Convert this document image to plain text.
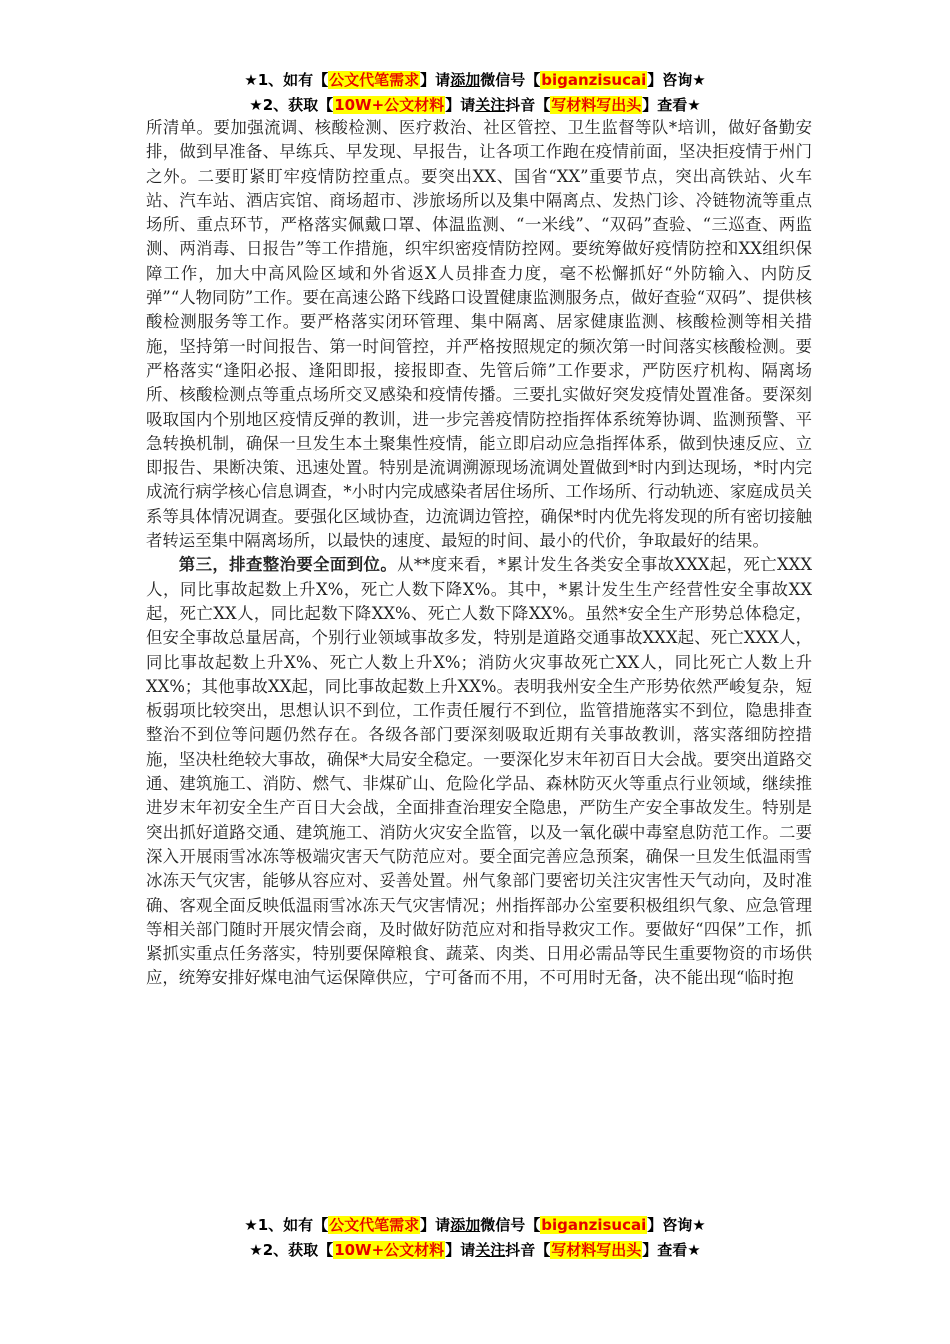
★1、如有【公文代笔需求】请添加微信号【biganzisucai】咨询★
★2、获取【10W+公文材料】请关注抖音【写材料写出头】查看★

所清单。要加强流调、核酸检测、医疗救治、社区管控、卫生监督等队*培训，做好备勤安排，做到早准备、早练兵、早发现、早报告，让各项工作跑在疫情前面，坚决拒疫情于州门之外。二要盯紧盯牢疫情防控重点。要突出XX、国省“XX”重要节点，突出高铁站、火车站、汽车站、酒店宾馆、商场超市、涉旅场所以及集中隔离点、发热门诊、冷链物流等重点场所、重点环节，严格落实佩戴口罩、体温监测、“一米线”、“双码”查验、“三巡查、两监测、两消毒、日报告”等工作措施，织牢织密疫情防控网。要统筹做好疫情防控和XX组织保障工作，加大中高风险区域和外省返X人员排查力度，毫不松懈抓好“外防输入、内防反弹”“人物同防”工作。要在高速公路下线路口设置健康监测服务点，做好查验“双码”、提供核酸检测服务等工作。要严格落实闭环管理、集中隔离、居家健康监测、核酸检测等相关措施，坚持第一时间报告、第一时间管控，并严格按照规定的频次第一时间落实核酸检测。要严格落实“逢阳必报、逢阳即报，接报即查、先管后筛”工作要求，严防医疗机构、隔离场所、核酸检测点等重点场所交叉感染和疫情传播。三要扎实做好突发疫情处置准备。要深刻吸取国内个别地区疫情反弹的教训，进一步完善疫情防控指挥体系统筹协调、监测预警、平急转换机制，确保一旦发生本土聚集性疫情，能立即启动应急指挥体系，做到快速反应、立即报告、果断决策、迅速处置。特别是流调溯源现场流调处置做到*时内到达现场，*时内完成流行病学核心信息调查，*小时内完成感染者居住场所、工作场所、行动轨迹、家庭成员关系等具体情况调查。要强化区域协查，边流调边管控，确保*时内优先将发现的所有密切接触者转运至集中隔离场所，以最快的速度、最短的时间、最小的代价，争取最好的结果。

第三，排查整治要全面到位。从**度来看，*累计发生各类安全事故XXX起，死亡XXX人，同比事故起数上升X%，死亡人数下降X%。其中，*累计发生生产经营性安全事故XX起，死亡XX人，同比起数下降XX%、死亡人数下降XX%。虽然*安全生产形势总体稳定，但安全事故总量居高，个别行业领域事故多发，特别是道路交通事故XXX起、死亡XXX人，同比事故起数上升X%、死亡人数上升X%；消防火灾事故死亡XX人，同比死亡人数上升XX%；其他事故XX起，同比事故起数上升XX%。表明我州安全生产形势依然严峻复杂，短板弱项比较突出，思想认识不到位，工作责任履行不到位，监管措施落实不到位，隐患排查整治不到位等问题仍然存在。各级各部门要深刻吸取近期有关事故教训，落实落细防控措施，坚决杜绝较大事故，确保*大局安全稳定。一要深化岁末年初百日大会战。要突出道路交通、建筑施工、消防、燃气、非煤矿山、危险化学品、森林防灭火等重点行业领域，继续推进岁末年初安全生产百日大会战，全面排查治理安全隐患，严防生产安全事故发生。特别是突出抓好道路交通、建筑施工、消防火灾安全监管，以及一氧化碳中毒窒息防范工作。二要深入开展雨雪冰冻等极端灾害天气防范应对。要全面完善应急预案，确保一旦发生低温雨雪冰冻天气灾害，能够从容应对、妥善处置。州气象部门要密切关注灾害性天气动向，及时准确、客观全面反映低温雨雪冰冻天气灾害情况；州指挥部办公室要积极组织气象、应急管理等相关部门随时开展灾情会商，及时做好防范应对和指导救灾工作。要做好“四保”工作，抓紧抓实重点任务落实，特别要保障粮食、蔬菜、肉类、日用必需品等民生重要物资的市场供应，统筹安排好煤电油气运保障供应，宁可备而不用，不可用时无备，决不能出现“临时抱

★1、如有【公文代笔需求】请添加微信号【biganzisucai】咨询★
★2、获取【10W+公文材料】请关注抖音【写材料写出头】查看★
